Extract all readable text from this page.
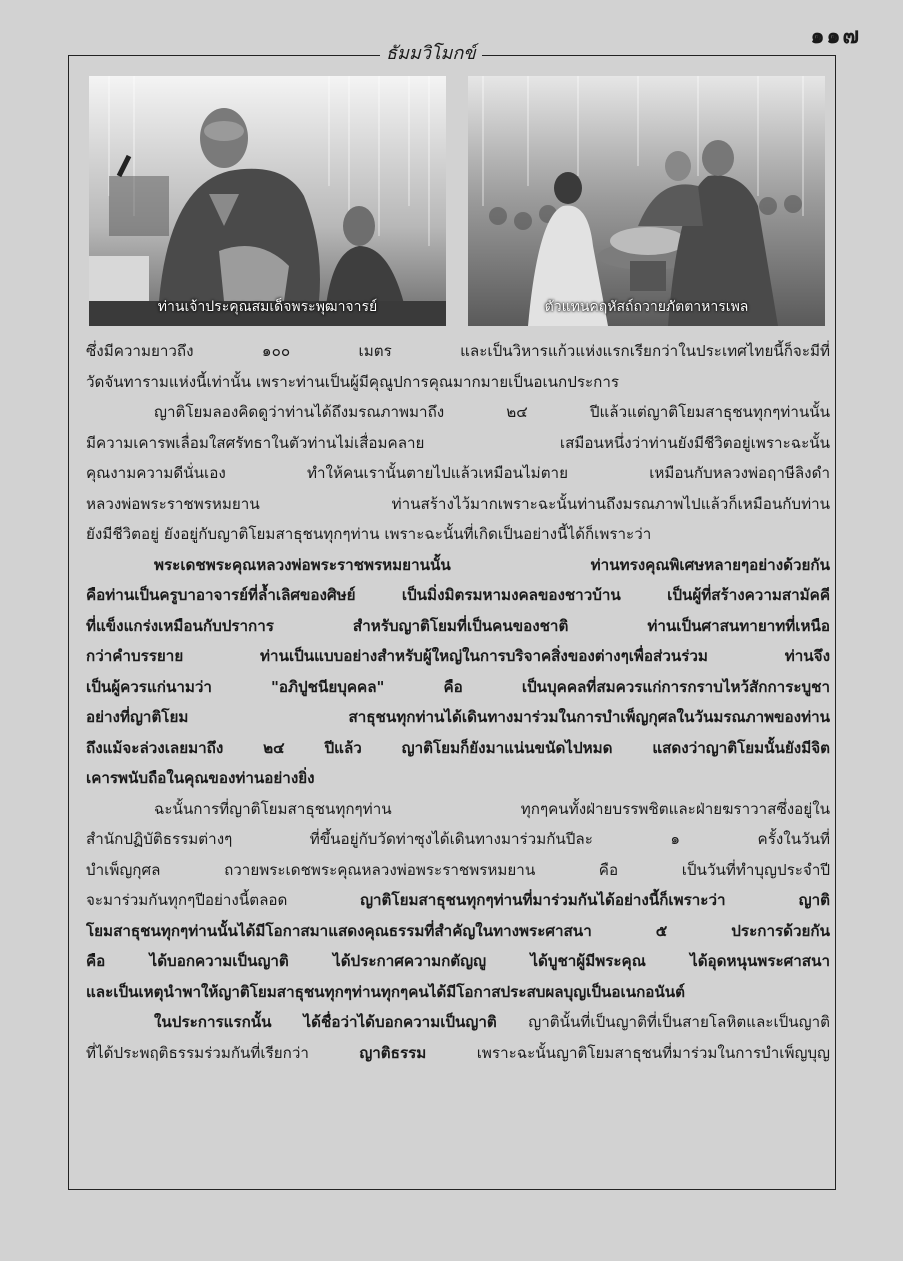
๑๑๗
ธัมมวิโมกข์
ท่านเจ้าประคุณสมเด็จพระพุฒาจารย์	ตัวแทนคฤหัสถ์ถวายภัตตาหารเพล

ซึ่งมีความยาวถึง ๑๐๐ เมตร และเป็นวิหารแก้วแห่งแรกเรียกว่าในประเทศไทยนี้ก็จะมีที่
วัดจันทารามแห่งนี้เท่านั้น เพราะท่านเป็นผู้มีคุณูปการคุณมากมายเป็นอเนกประการ

ญาติโยมลองคิดดูว่าท่านได้ถึงมรณภาพมาถึง ๒๔ ปีแล้วแต่ญาติโยมสาธุชนทุกๆท่านนั้น
มีความเคารพเลื่อมใสศรัทธาในตัวท่านไม่เสื่อมคลาย เสมือนหนึ่งว่าท่านยังมีชีวิตอยู่เพราะฉะนั้น
คุณงามความดีนั่นเอง ทำให้คนเรานั้นตายไปแล้วเหมือนไม่ตาย เหมือนกับหลวงพ่อฤาษีลิงดำ
หลวงพ่อพระราชพรหมยาน ท่านสร้างไว้มากเพราะฉะนั้นท่านถึงมรณภาพไปแล้วก็เหมือนกับท่าน
ยังมีชีวิตอยู่ ยังอยู่กับญาติโยมสาธุชนทุกๆท่าน เพราะฉะนั้นที่เกิดเป็นอย่างนี้ได้ก็เพราะว่า

พระเดชพระคุณหลวงพ่อพระราชพรหมยานนั้น ท่านทรงคุณพิเศษหลายๆอย่างด้วยกัน
คือท่านเป็นครูบาอาจารย์ที่ล้ำเลิศของศิษย์ เป็นมิ่งมิตรมหามงคลของชาวบ้าน เป็นผู้ที่สร้างความสามัคคี
ที่แข็งแกร่งเหมือนกับปราการ สำหรับญาติโยมที่เป็นคนของชาติ ท่านเป็นศาสนทายาทที่เหนือ
กว่าคำบรรยาย ท่านเป็นแบบอย่างสำหรับผู้ใหญ่ในการบริจาคสิ่งของต่างๆเพื่อส่วนร่วม ท่านจึง
เป็นผู้ควรแก่นามว่า "อภิปูชนียบุคคล" คือ เป็นบุคคลที่สมควรแก่การกราบไหว้สักการะบูชา
อย่างที่ญาติโยม สาธุชนทุกท่านได้เดินทางมาร่วมในการบำเพ็ญกุศลในวันมรณภาพของท่าน
ถึงแม้จะล่วงเลยมาถึง ๒๔ ปีแล้ว ญาติโยมก็ยังมาแน่นขนัดไปหมด แสดงว่าญาติโยมนั้นยังมีจิต
เคารพนับถือในคุณของท่านอย่างยิ่ง

ฉะนั้นการที่ญาติโยมสาธุชนทุกๆท่าน ทุกๆคนทั้งฝ่ายบรรพชิตและฝ่ายฆราวาสซึ่งอยู่ใน
สำนักปฏิบัติธรรมต่างๆ ที่ขึ้นอยู่กับวัดท่าซุงได้เดินทางมาร่วมกันปีละ ๑ ครั้งในวันที่
บำเพ็ญกุศล ถวายพระเดชพระคุณหลวงพ่อพระราชพรหมยาน คือ เป็นวันที่ทำบุญประจำปี
จะมาร่วมกันทุกๆปีอย่างนี้ตลอด	ญาติโยมสาธุชนทุกๆท่านที่มาร่วมกันได้อย่างนี้ก็เพราะว่า ญาติ
โยมสาธุชนทุกๆท่านนั้นได้มีโอกาสมาแสดงคุณธรรมที่สำคัญในทางพระศาสนา ๕ ประการด้วยกัน
คือ ได้บอกความเป็นญาติ ได้ประกาศความกตัญญู ได้บูชาผู้มีพระคุณ ได้อุดหนุนพระศาสนา
และเป็นเหตุนำพาให้ญาติโยมสาธุชนทุกๆท่านทุกๆคนได้มีโอกาสประสบผลบุญเป็นอเนกอนันต์

ในประการแรกนั้น ได้ชื่อว่าได้บอกความเป็นญาติ ญาตินั้นที่เป็นญาติที่เป็นสายโลหิตและเป็นญาติ
ที่ได้ประพฤติธรรมร่วมกันที่เรียกว่า	ญาติธรรม	เพราะฉะนั้นญาติโยมสาธุชนที่มาร่วมในการบำเพ็ญบุญ
